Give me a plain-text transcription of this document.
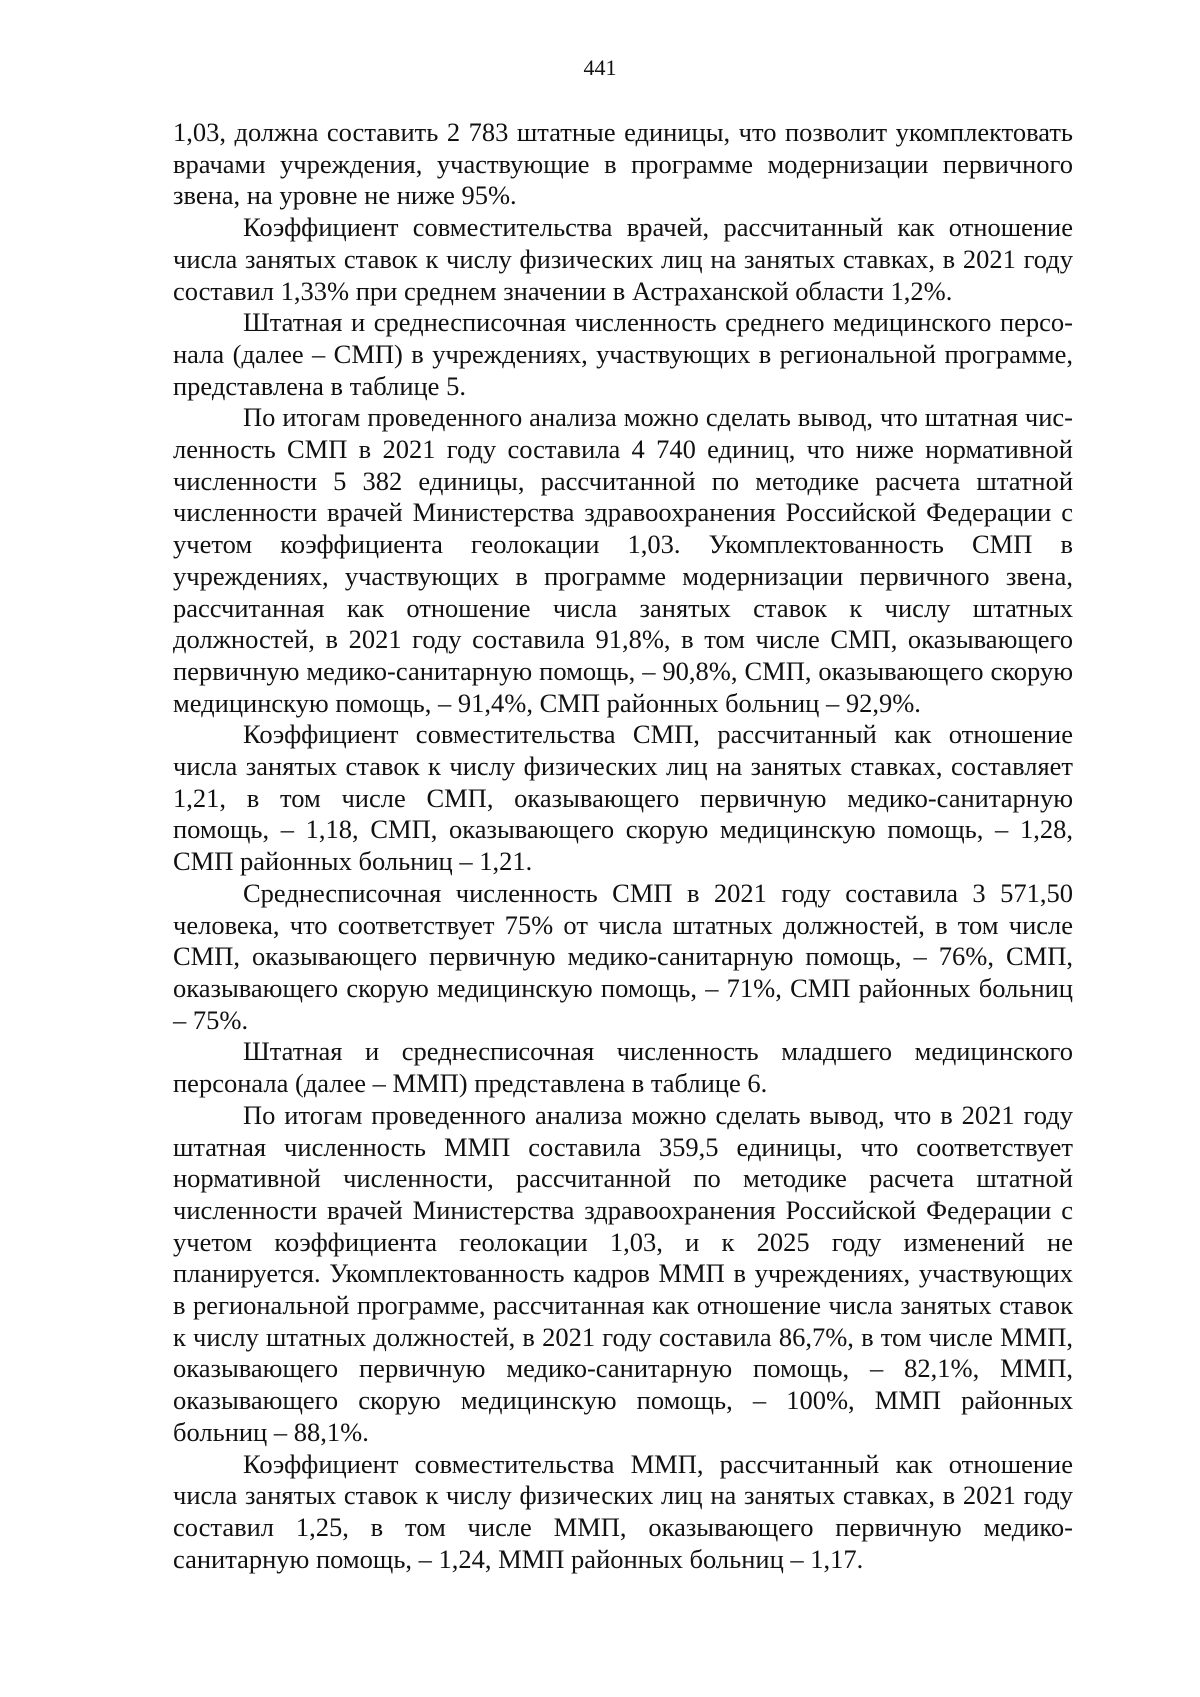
441

1,03, должна составить 2 783 штатные единицы, что позволит укомплектовать врачами учреждения, участвующие в программе модернизации первичного звена, на уровне не ниже 95%.

Коэффициент совместительства врачей, рассчитанный как отношение числа занятых ставок к числу физических лиц на занятых ставках, в 2021 году составил 1,33% при среднем значении в Астраханской области 1,2%.

Штатная и среднесписочная численность среднего медицинского персонала (далее – СМП) в учреждениях, участвующих в региональной программе, представлена в таблице 5.

По итогам проведенного анализа можно сделать вывод, что штатная численность СМП в 2021 году составила 4 740 единиц, что ниже нормативной численности 5 382 единицы, рассчитанной по методике расчета штатной численности врачей Министерства здравоохранения Российской Федерации с учетом коэффициента геолокации 1,03. Укомплектованность СМП в учреждениях, участвующих в программе модернизации первичного звена, рассчитанная как отношение числа занятых ставок к числу штатных должностей, в 2021 году составила 91,8%, в том числе СМП, оказывающего первичную медико-санитарную помощь, – 90,8%, СМП, оказывающего скорую медицинскую помощь, – 91,4%, СМП районных больниц – 92,9%.

Коэффициент совместительства СМП, рассчитанный как отношение числа занятых ставок к числу физических лиц на занятых ставках, составляет 1,21, в том числе СМП, оказывающего первичную медико-санитарную помощь, – 1,18, СМП, оказывающего скорую медицинскую помощь, – 1,28, СМП районных больниц – 1,21.

Среднесписочная численность СМП в 2021 году составила 3 571,50 человека, что соответствует 75% от числа штатных должностей, в том числе СМП, оказывающего первичную медико-санитарную помощь, – 76%, СМП, оказывающего скорую медицинскую помощь, – 71%, СМП районных больниц – 75%.

Штатная и среднесписочная численность младшего медицинского персонала (далее – ММП) представлена в таблице 6.

По итогам проведенного анализа можно сделать вывод, что в 2021 году штатная численность ММП составила 359,5 единицы, что соответствует нормативной численности, рассчитанной по методике расчета штатной численности врачей Министерства здравоохранения Российской Федерации с учетом коэффициента геолокации 1,03, и к 2025 году изменений не планируется. Укомплектованность кадров ММП в учреждениях, участвующих в региональной программе, рассчитанная как отношение числа занятых ставок к числу штатных должностей, в 2021 году составила 86,7%, в том числе ММП, оказывающего первичную медико-санитарную помощь, – 82,1%, ММП, оказывающего скорую медицинскую помощь, – 100%, ММП районных больниц – 88,1%.

Коэффициент совместительства ММП, рассчитанный как отношение числа занятых ставок к числу физических лиц на занятых ставках, в 2021 году составил 1,25, в том числе ММП, оказывающего первичную медико-санитарную помощь, – 1,24, ММП районных больниц – 1,17.
